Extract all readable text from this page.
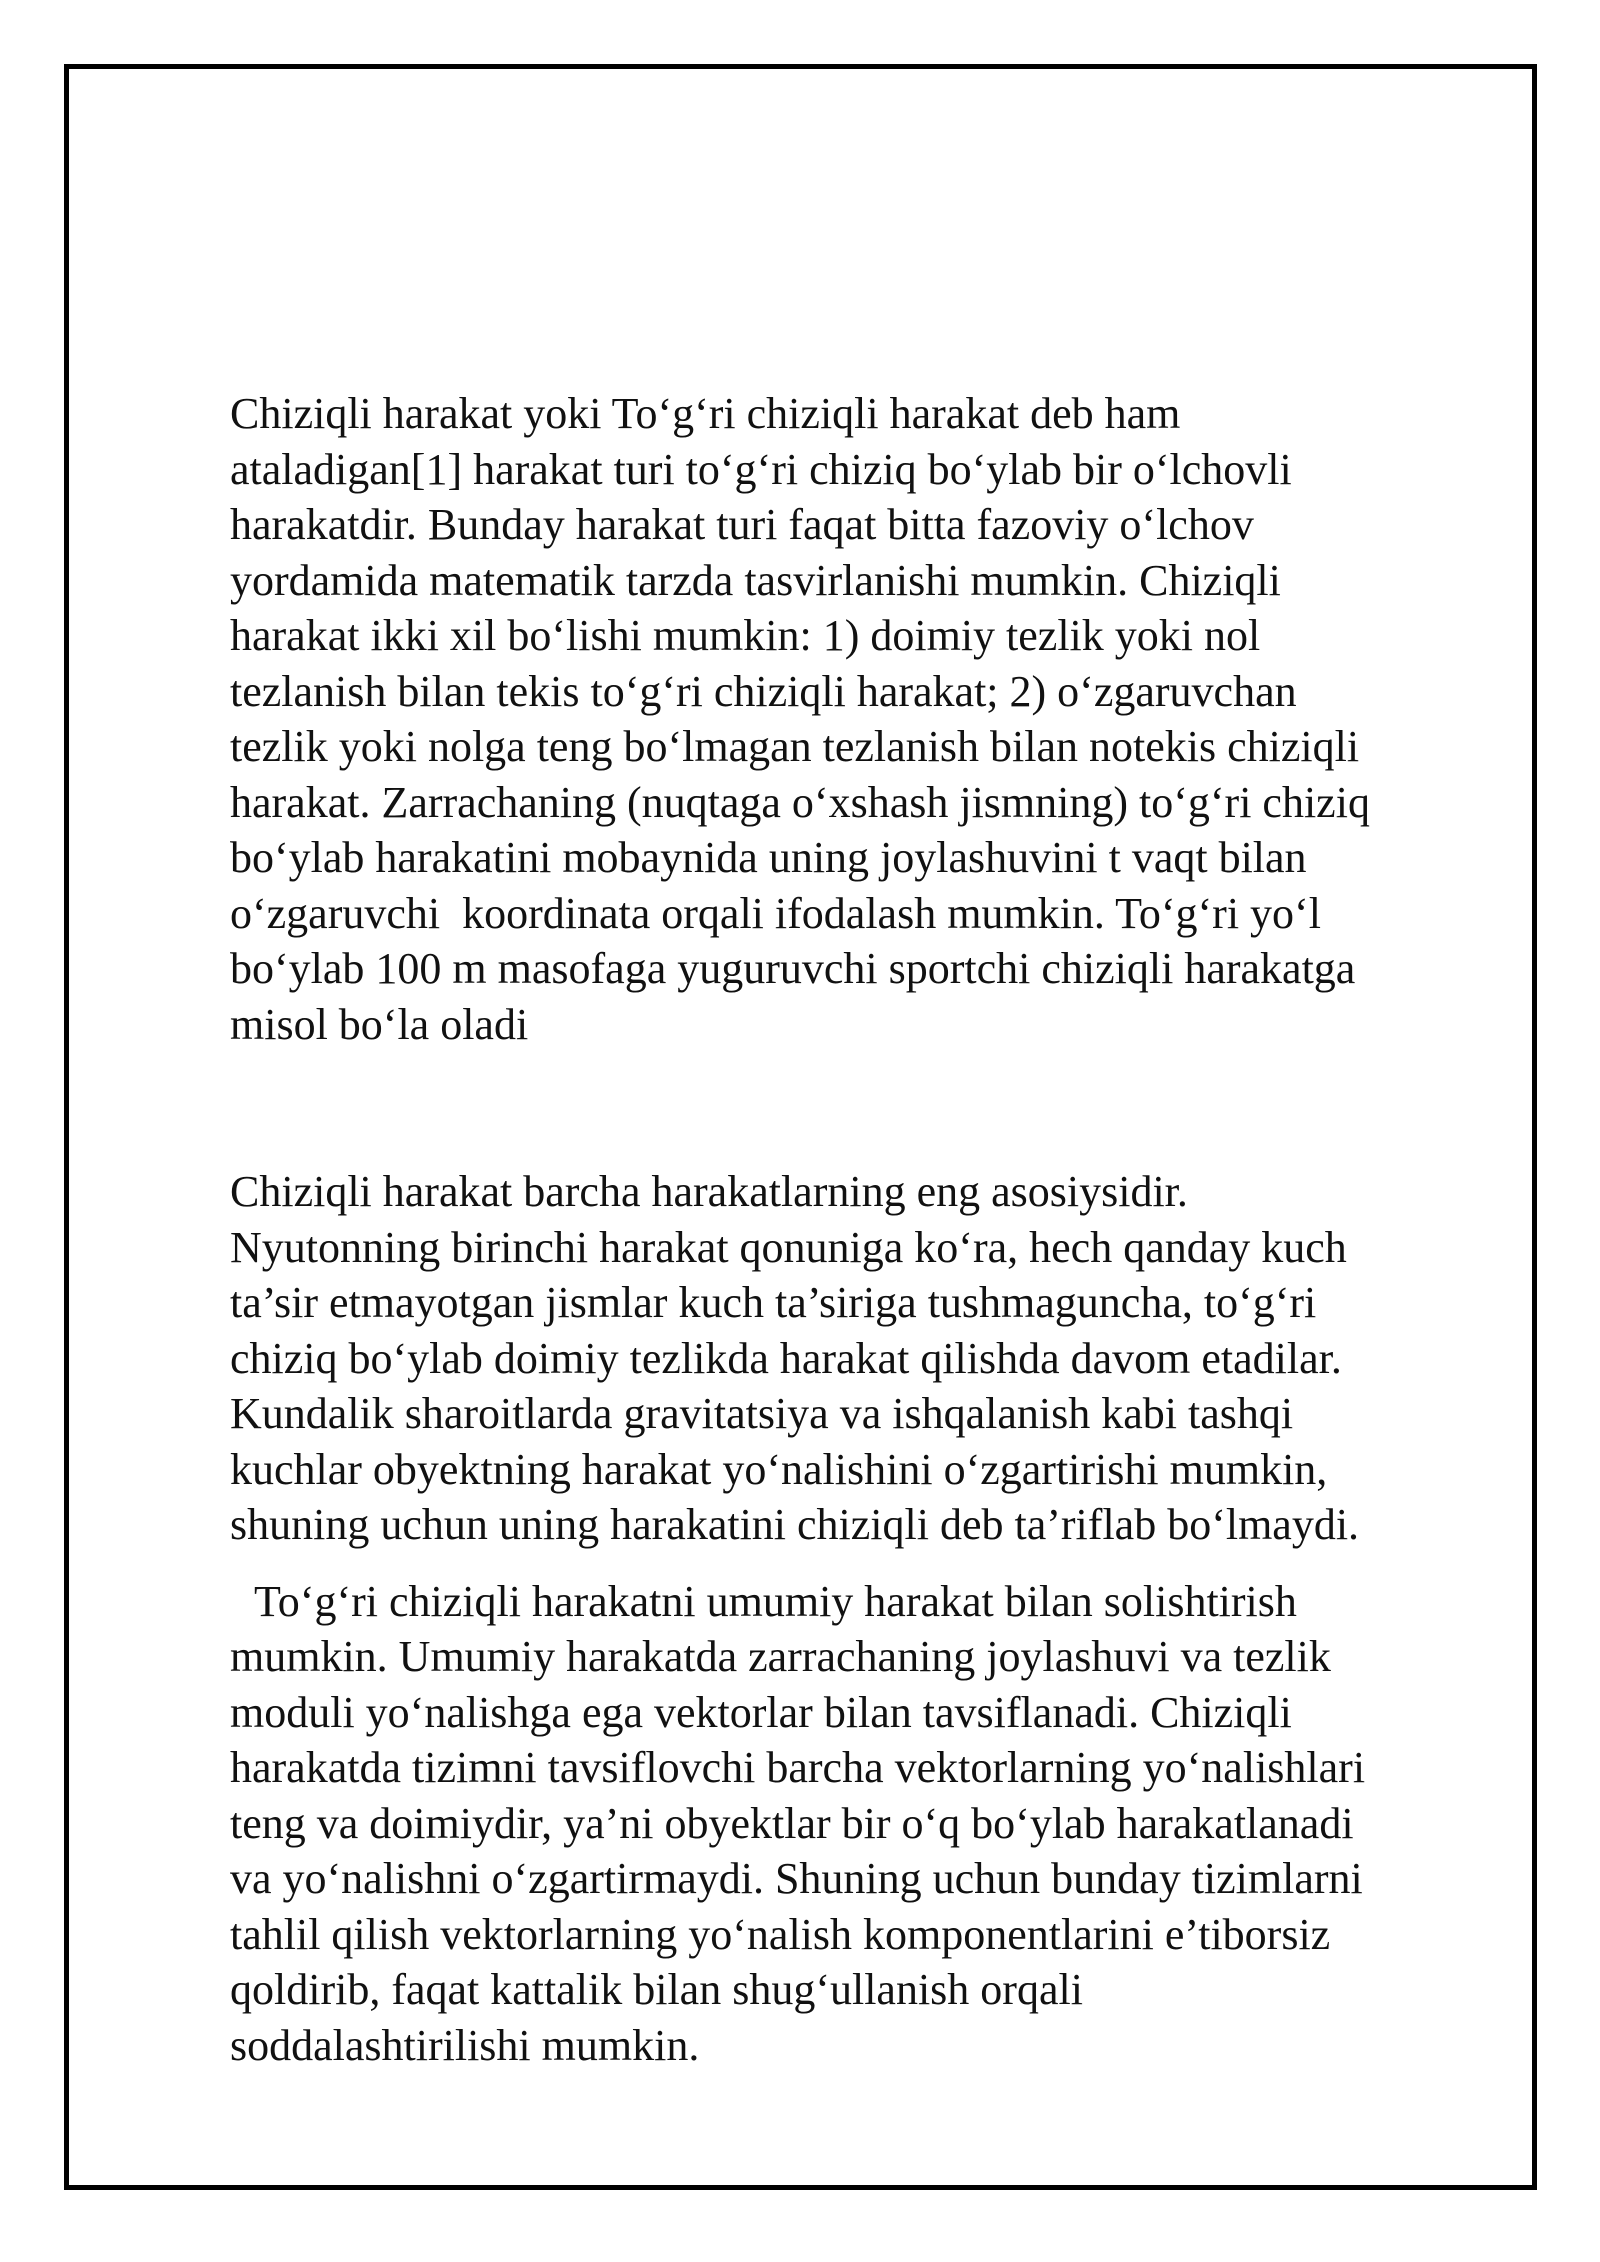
Chiziqli harakat yoki To‘g‘ri chiziqli harakat deb ham
ataladigan[1] harakat turi to‘g‘ri chiziq bo‘ylab bir o‘lchovli
harakatdir. Bunday harakat turi faqat bitta fazoviy o‘lchov
yordamida matematik tarzda tasvirlanishi mumkin. Chiziqli
harakat ikki xil bo‘lishi mumkin: 1) doimiy tezlik yoki nol
tezlanish bilan tekis to‘g‘ri chiziqli harakat; 2) o‘zgaruvchan
tezlik yoki nolga teng bo‘lmagan tezlanish bilan notekis chiziqli
harakat. Zarrachaning (nuqtaga o‘xshash jismning) to‘g‘ri chiziq
bo‘ylab harakatini mobaynida uning joylashuvini t vaqt bilan
o‘zgaruvchi  koordinata orqali ifodalash mumkin. To‘g‘ri yo‘l
bo‘ylab 100 m masofaga yuguruvchi sportchi chiziqli harakatga
misol bo‘la oladi
Chiziqli harakat barcha harakatlarning eng asosiysidir.
Nyutonning birinchi harakat qonuniga ko‘ra, hech qanday kuch
ta’sir etmayotgan jismlar kuch ta’siriga tushmaguncha, to‘g‘ri
chiziq bo‘ylab doimiy tezlikda harakat qilishda davom etadilar.
Kundalik sharoitlarda gravitatsiya va ishqalanish kabi tashqi
kuchlar obyektning harakat yo‘nalishini o‘zgartirishi mumkin,
shuning uchun uning harakatini chiziqli deb ta’riflab bo‘lmaydi.
To‘g‘ri chiziqli harakatni umumiy harakat bilan solishtirish
mumkin. Umumiy harakatda zarrachaning joylashuvi va tezlik
moduli yo‘nalishga ega vektorlar bilan tavsiflanadi. Chiziqli
harakatda tizimni tavsiflovchi barcha vektorlarning yo‘nalishlari
teng va doimiydir, ya’ni obyektlar bir o‘q bo‘ylab harakatlanadi
va yo‘nalishni o‘zgartirmaydi. Shuning uchun bunday tizimlarni
tahlil qilish vektorlarning yo‘nalish komponentlarini e’tiborsiz
qoldirib, faqat kattalik bilan shug‘ullanish orqali
soddalashtirilishi mumkin.
